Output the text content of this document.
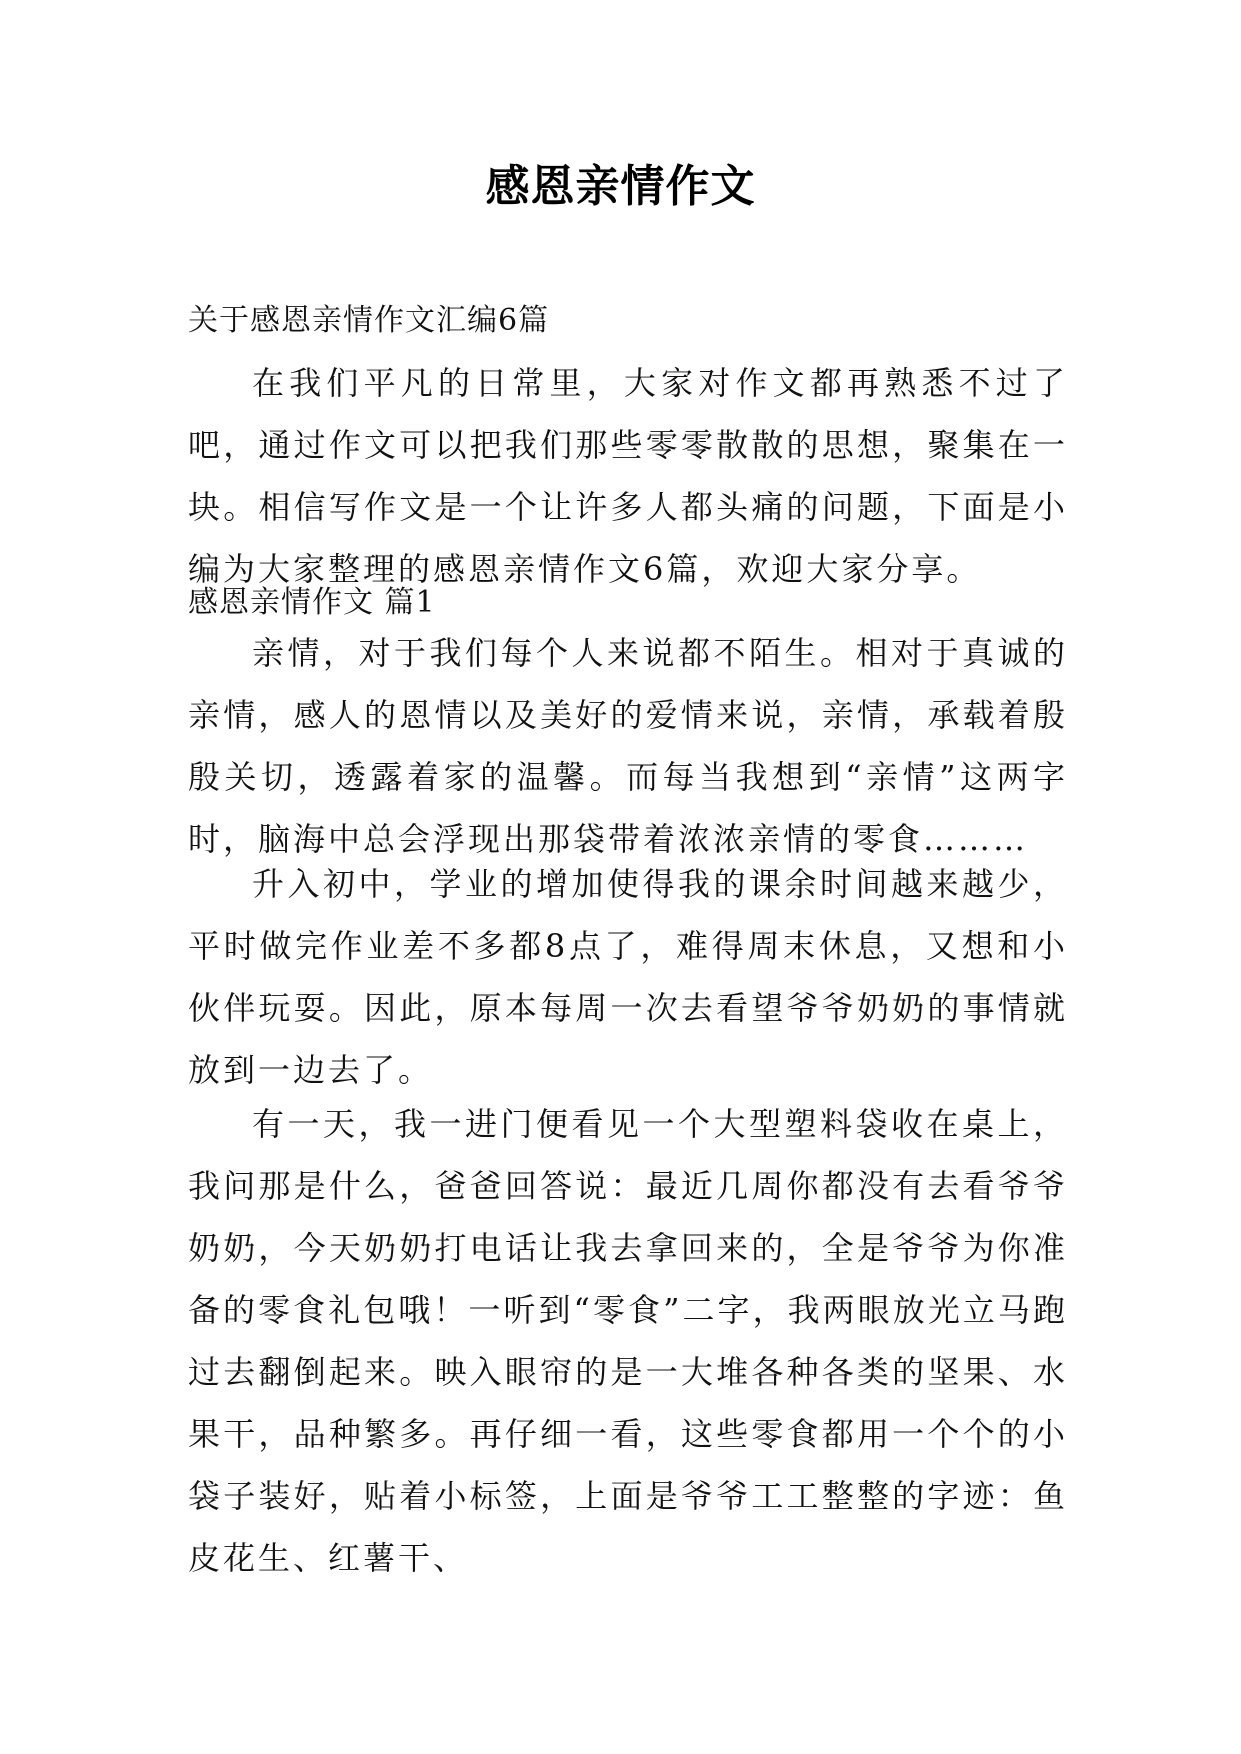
感恩亲情作文
关于感恩亲情作文汇编6篇

在我们平凡的日常里，大家对作文都再熟悉不过了吧，通过作文可以把我们那些零零散散的思想，聚集在一块。相信写作文是一个让许多人都头痛的问题，下面是小编为大家整理的感恩亲情作文6篇，欢迎大家分享。

感恩亲情作文 篇1

亲情，对于我们每个人来说都不陌生。相对于真诚的亲情，感人的恩情以及美好的爱情来说，亲情，承载着殷殷关切，透露着家的温馨。而每当我想到“亲情”这两字时，脑海中总会浮现出那袋带着浓浓亲情的零食………

升入初中，学业的增加使得我的课余时间越来越少，平时做完作业差不多都8点了，难得周末休息，又想和小伙伴玩耍。因此，原本每周一次去看望爷爷奶奶的事情就放到一边去了。

有一天，我一进门便看见一个大型塑料袋收在桌上，我问那是什么，爸爸回答说：最近几周你都没有去看爷爷奶奶，今天奶奶打电话让我去拿回来的，全是爷爷为你准备的零食礼包哦！一听到“零食”二字，我两眼放光立马跑过去翻倒起来。映入眼帘的是一大堆各种各类的坚果、水果干，品种繁多。再仔细一看，这些零食都用一个个的小袋子装好，贴着小标签，上面是爷爷工工整整的字迹：鱼皮花生、红薯干、
